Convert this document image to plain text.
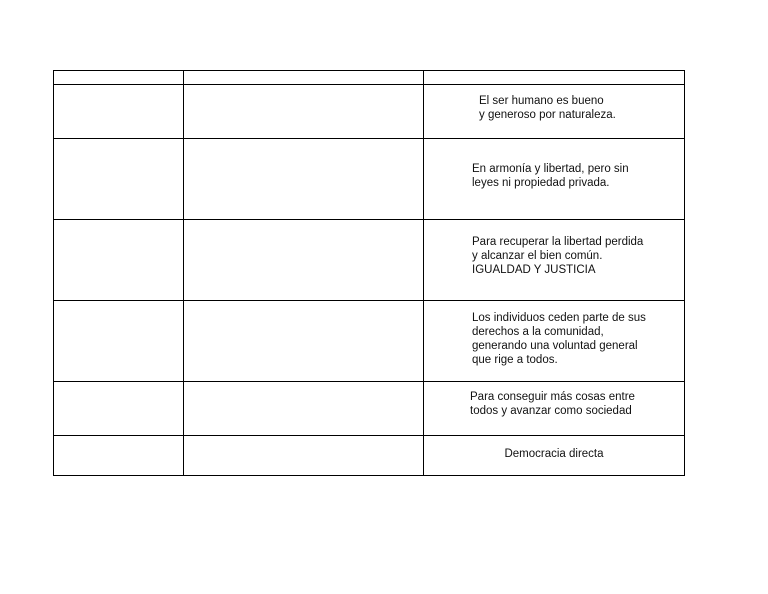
		El ser humano es bueno
y generoso por naturaleza.

		En armonía y libertad, pero sin
leyes ni propiedad privada.

		Para recuperar la libertad perdida
y alcanzar el bien común.
IGUALDAD Y JUSTICIA

		Los individuos ceden parte de sus
derechos a la comunidad,
generando una voluntad general
que rige a todos.

		Para conseguir más cosas entre
todos y avanzar como sociedad

		Democracia directa
